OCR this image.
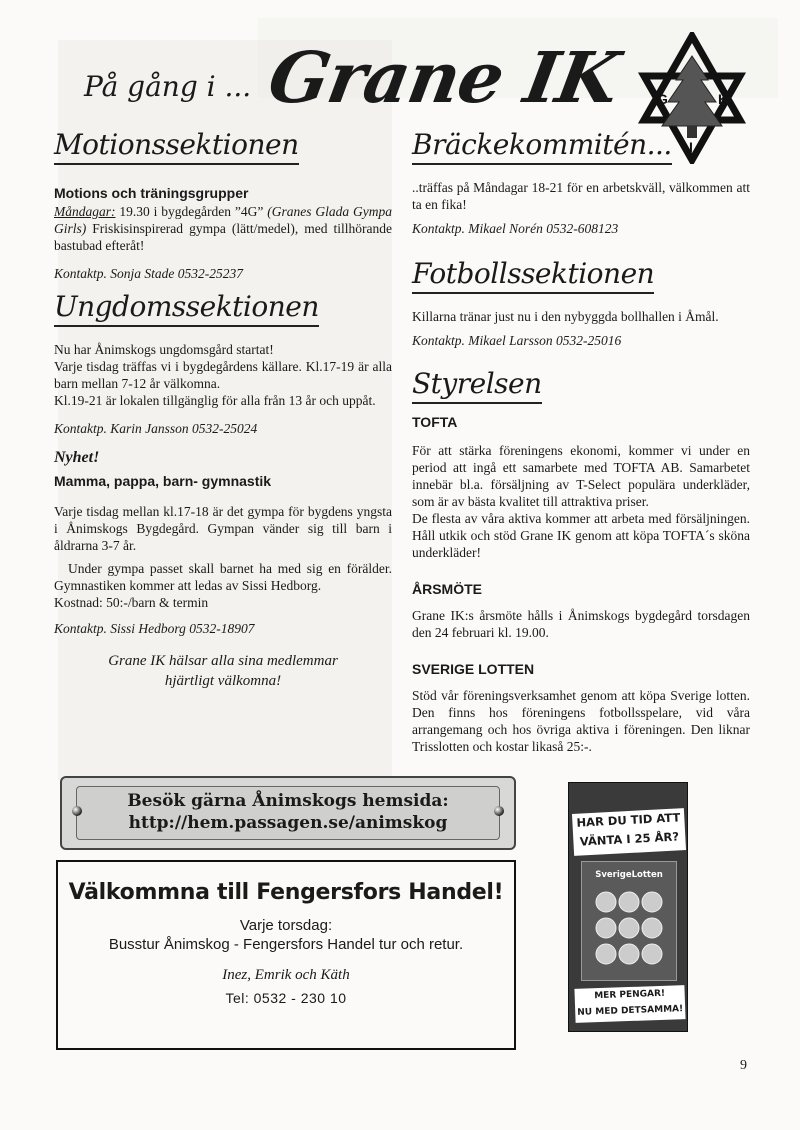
På gång i ... Grane IK G	K
I
Motionssektionen
Motions och träningsgrupper
Måndagar: 19.30 i bygdegården ”4G” (Granes Glada Gympa Girls) Friskisinspirerad gympa (lätt/medel), med tillhörande bastubad efteråt!
Kontaktp. Sonja Stade 0532-25237
Ungdomssektionen
Nu har Ånimskogs ungdomsgård startat!
Varje tisdag träffas vi i bygdegårdens källare. Kl.17-19 är alla barn mellan 7-12 år välkomna.
Kl.19-21 är lokalen tillgänglig för alla från 13 år och uppåt.
Kontaktp. Karin Jansson 0532-25024
Nyhet!
Mamma, pappa, barn- gymnastik
Varje tisdag mellan kl.17-18 är det gympa för bygdens yngsta i Ånimskogs Bygdegård. Gympan vänder sig till barn i åldrarna 3-7 år.
Under gympa passet skall barnet ha med sig en förälder. Gymnastiken kommer att ledas av Sissi Hedborg.
Kostnad: 50:-/barn & termin
Kontaktp. Sissi Hedborg 0532-18907
Grane IK hälsar alla sina medlemmar
hjärtligt välkomna!
Bräckekommitén...
..träffas på Måndagar 18-21 för en arbetskväll, välkommen att ta en fika!
Kontaktp. Mikael Norén 0532-608123
Fotbollssektionen
Killarna tränar just nu i den nybyggda bollhallen i Åmål.
Kontaktp. Mikael Larsson 0532-25016
Styrelsen
TOFTA
För att stärka föreningens ekonomi, kommer vi under en period att ingå ett samarbete med TOFTA AB. Samarbetet innebär bl.a. försäljning av T-Select populära underkläder, som är av bästa kvalitet till attraktiva priser.
De flesta av våra aktiva kommer att arbeta med försäljningen. Håll utkik och stöd Grane IK genom att köpa TOFTA´s sköna underkläder!
ÅRSMÖTE
Grane IK:s årsmöte hålls i Ånimskogs bygdegård torsdagen den 24 februari kl. 19.00.
SVERIGE LOTTEN
Stöd vår föreningsverksamhet genom att köpa Sverige lotten. Den finns hos föreningens fotbollsspelare, vid våra arrangemang och hos övriga aktiva i föreningen. Den liknar Trisslotten och kostar likaså 25:-.
Besök gärna Ånimskogs hemsida:
http://hem.passagen.se/animskog
Välkommna till Fengersfors Handel!
Varje torsdag:
Busstur Ånimskog - Fengersfors Handel tur och retur.
Inez, Emrik och Käth
Tel: 0532 - 230 10
HAR DU TID ATT
VÄNTA I 25 ÅR?
SverigeLotten
MER PENGAR!
NU MED DETSAMMA!
9
